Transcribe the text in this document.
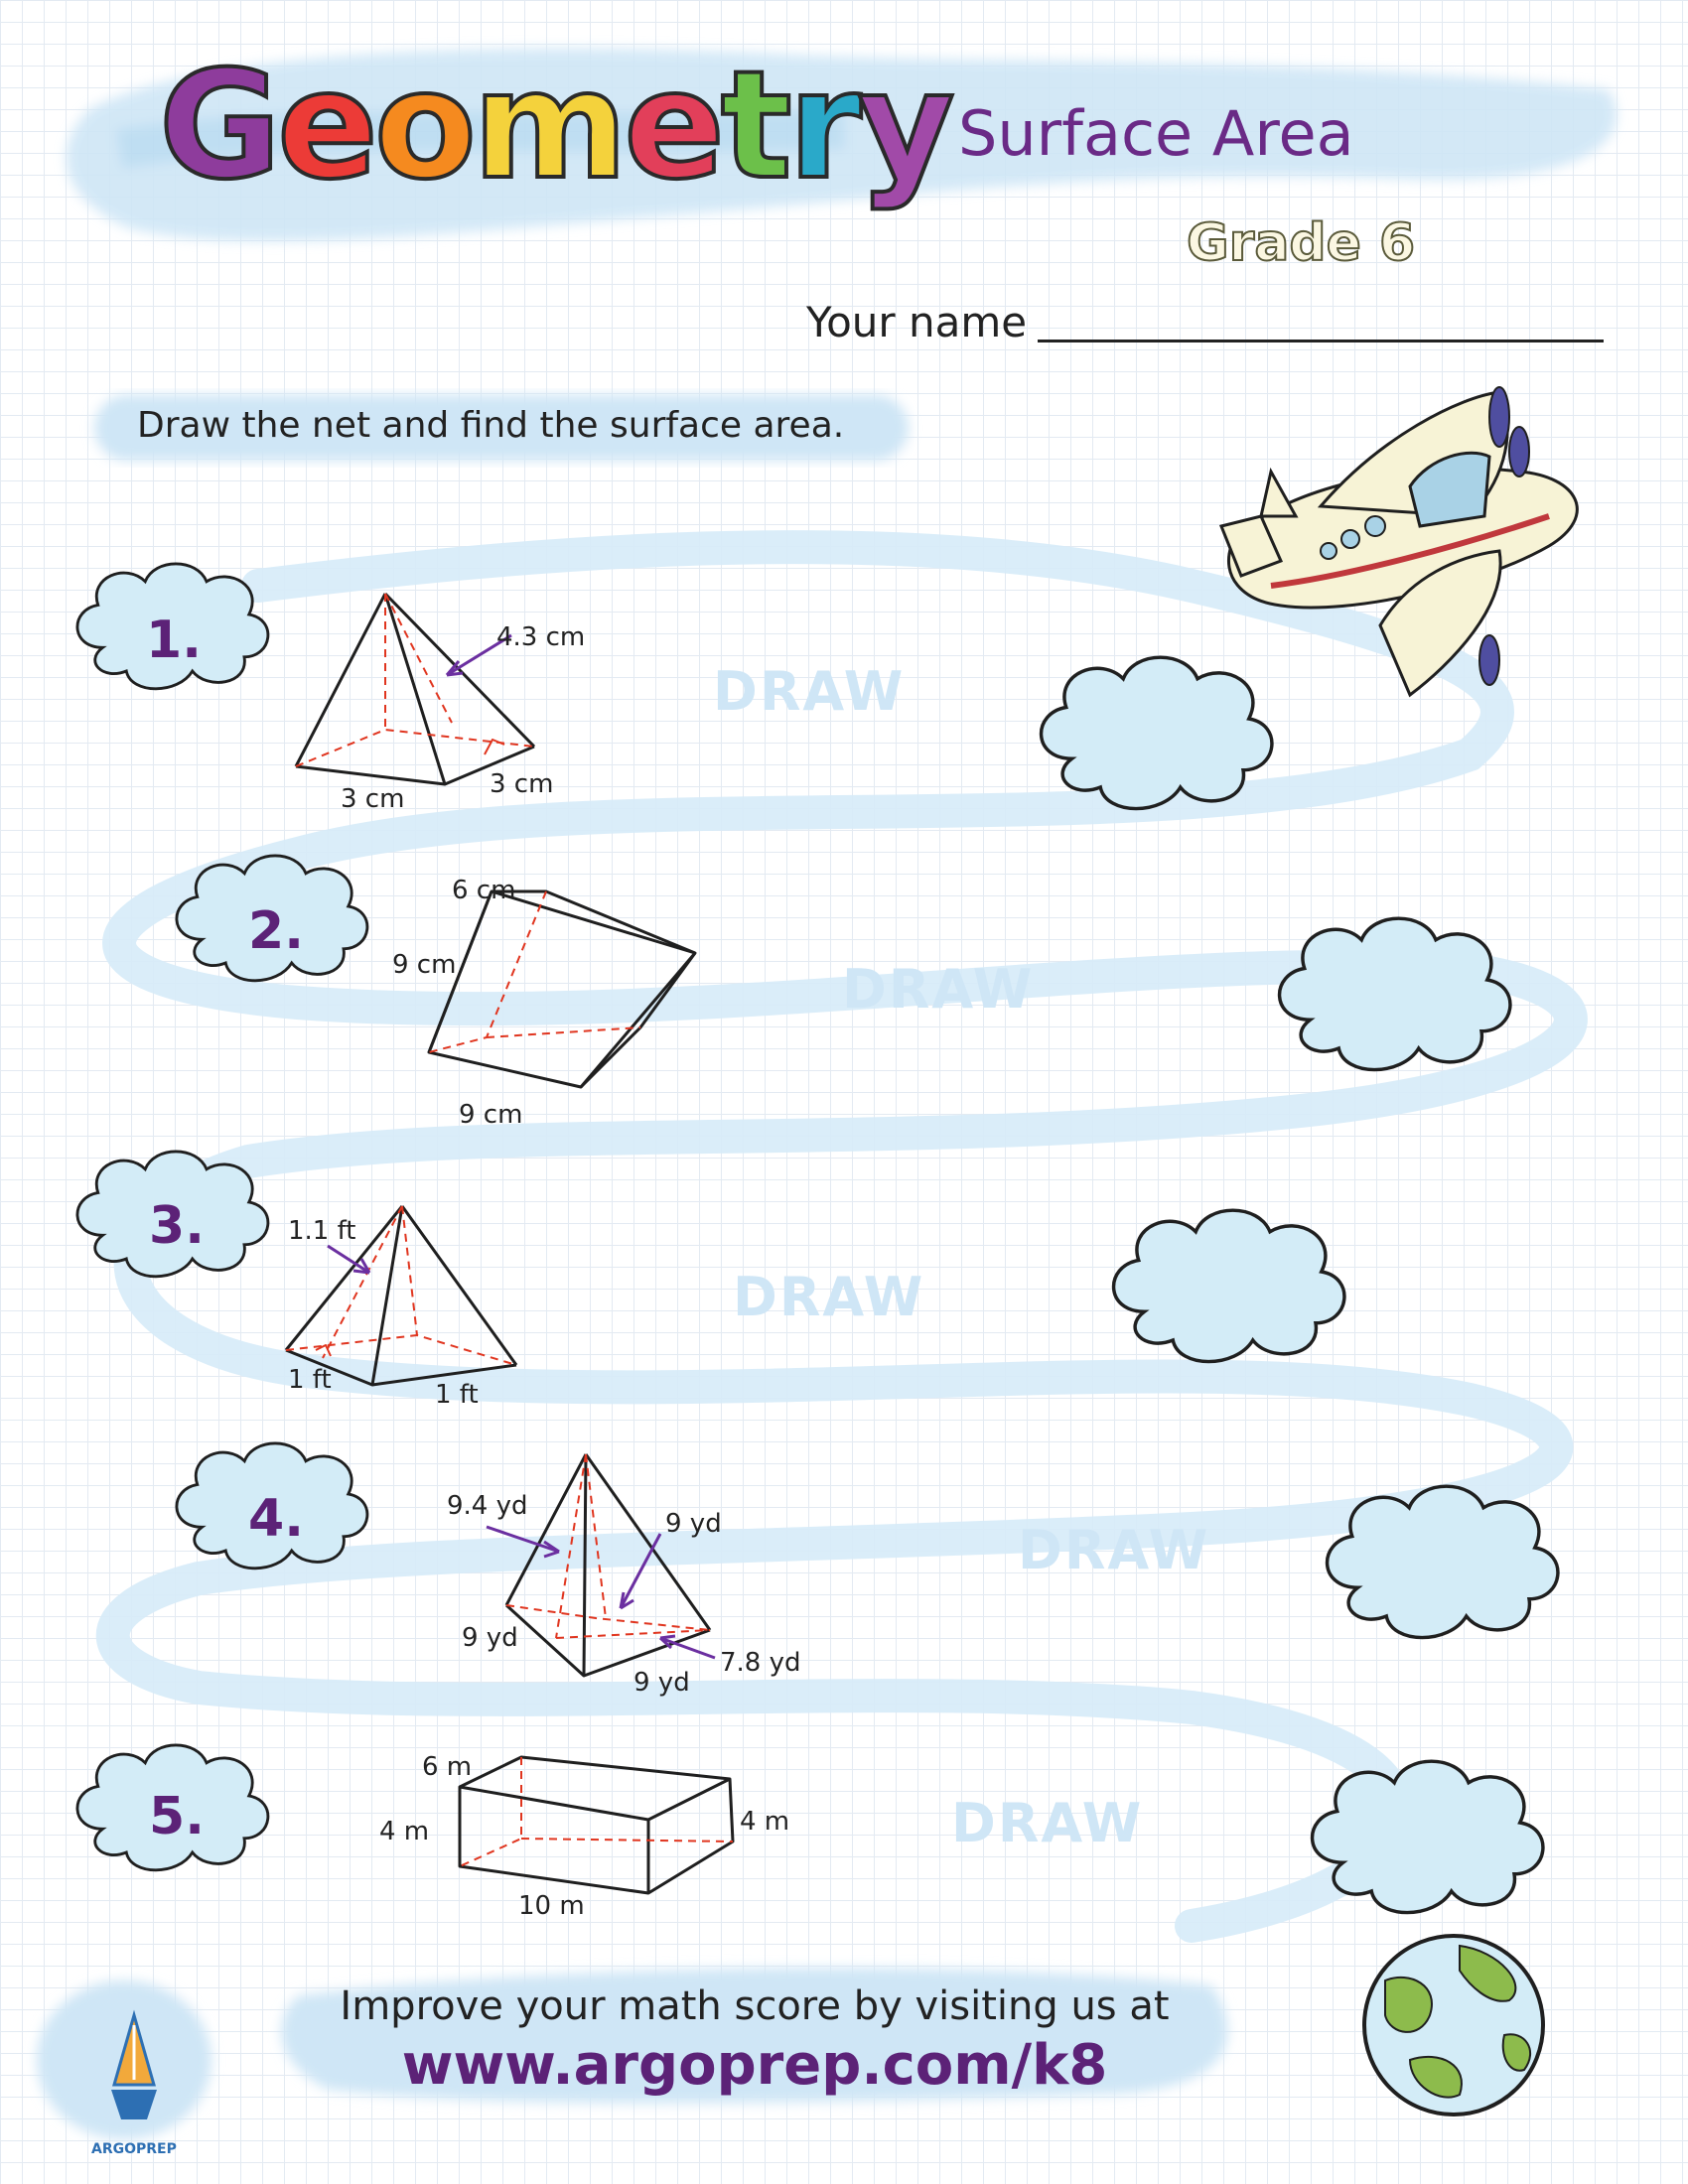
Geometry Surface Area
Grade 6
Your name
Draw the net and find the surface area.
1.
2.
3.
4.
5.
DRAW
DRAW
DRAW
DRAW
DRAW
4.3 cm
3 cm	3 cm
6 cm
9 cm
9 cm
1.1 ft
1 ft	1 ft
9.4 yd
9 yd
9 yd
9 yd
7.8 yd
6 m
4 m	4 m
10 m
Improve your math score by visiting us at
www.argoprep.com/k8
ARGOPREP
